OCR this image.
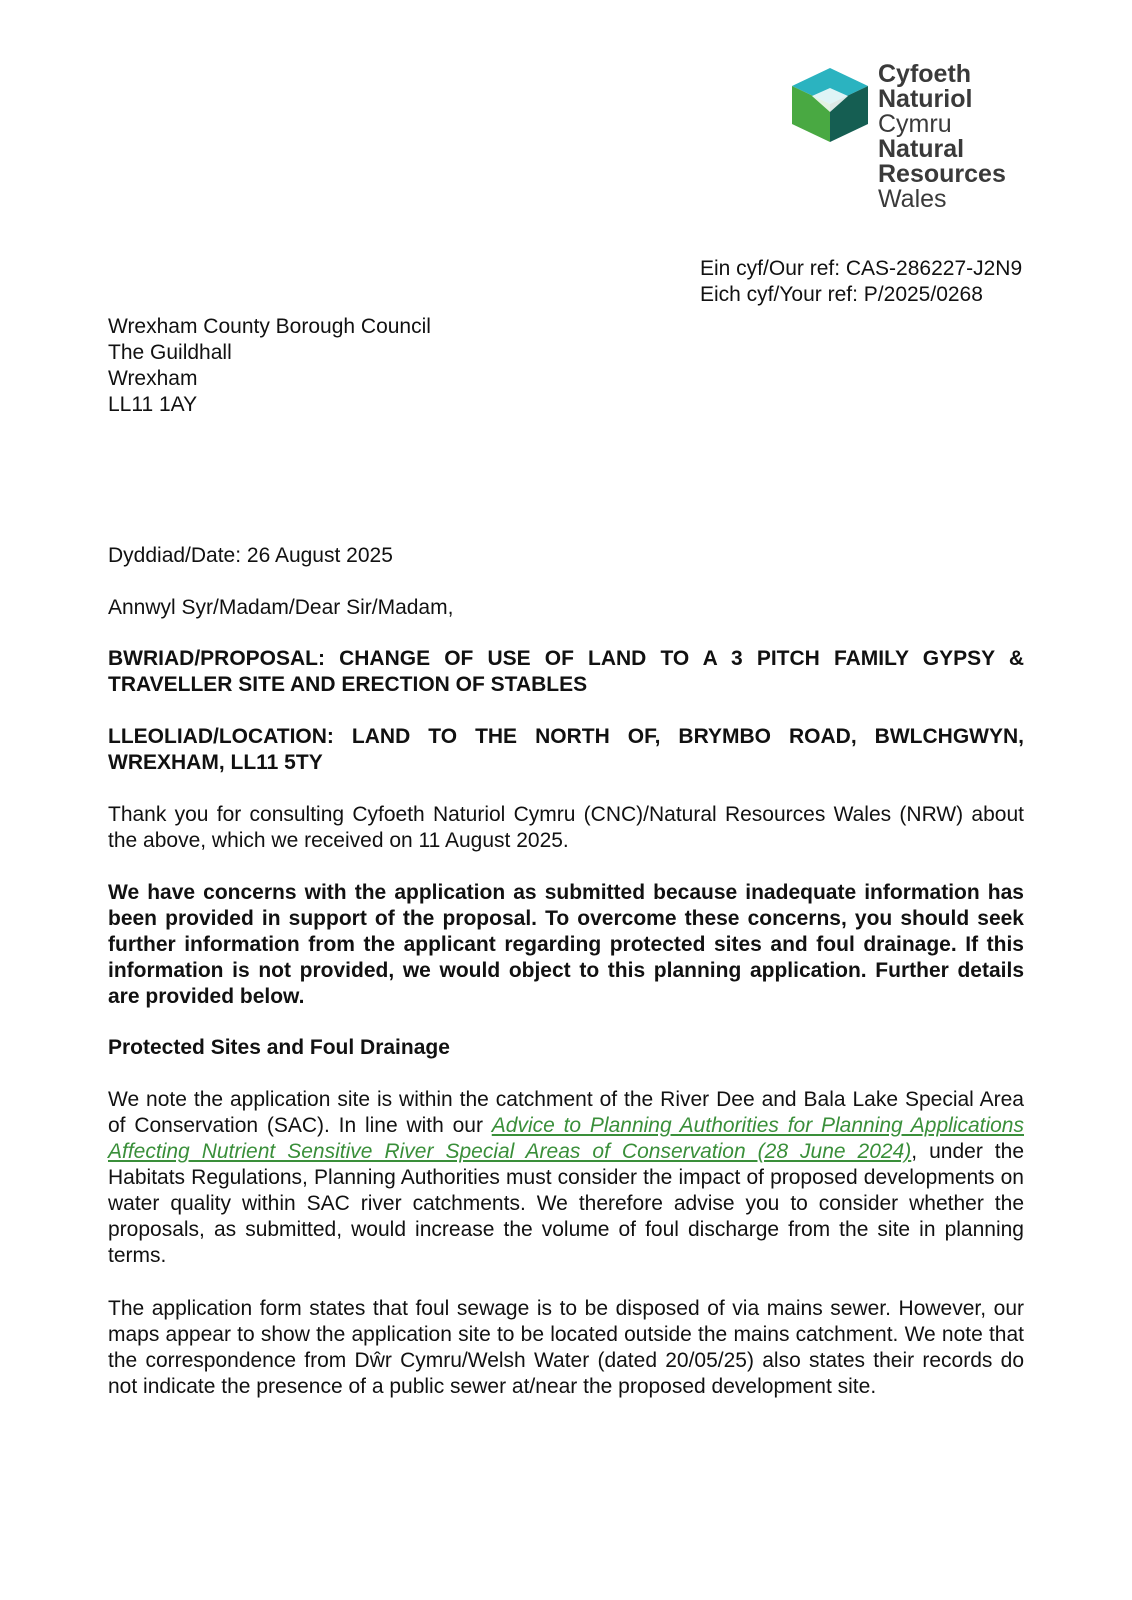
Cyfoeth
Naturiol
Cymru
Natural
Resources
Wales
Ein cyf/Our ref: CAS-286227-J2N9
Eich cyf/Your ref: P/2025/0268
Wrexham County Borough Council
The Guildhall
Wrexham
LL11 1AY
Dyddiad/Date: 26 August 2025
Annwyl Syr/Madam/Dear Sir/Madam,
BWRIAD/PROPOSAL: CHANGE OF USE OF LAND TO A 3 PITCH FAMILY GYPSY & TRAVELLER SITE AND ERECTION OF STABLES
LLEOLIAD/LOCATION: LAND TO THE NORTH OF, BRYMBO ROAD, BWLCHGWYN, WREXHAM, LL11 5TY
Thank you for consulting Cyfoeth Naturiol Cymru (CNC)/Natural Resources Wales (NRW) about the above, which we received on 11 August 2025.
We have concerns with the application as submitted because inadequate information has been provided in support of the proposal. To overcome these concerns, you should seek further information from the applicant regarding protected sites and foul drainage. If this information is not provided, we would object to this planning application. Further details are provided below.
Protected Sites and Foul Drainage
We note the application site is within the catchment of the River Dee and Bala Lake Special Area of Conservation (SAC). In line with our Advice to Planning Authorities for Planning Applications Affecting Nutrient Sensitive River Special Areas of Conservation (28 June 2024), under the Habitats Regulations, Planning Authorities must consider the impact of proposed developments on water quality within SAC river catchments. We therefore advise you to consider whether the proposals, as submitted, would increase the volume of foul discharge from the site in planning terms.
The application form states that foul sewage is to be disposed of via mains sewer. However, our maps appear to show the application site to be located outside the mains catchment. We note that the correspondence from Dŵr Cymru/Welsh Water (dated 20/05/25) also states their records do not indicate the presence of a public sewer at/near the proposed development site.
